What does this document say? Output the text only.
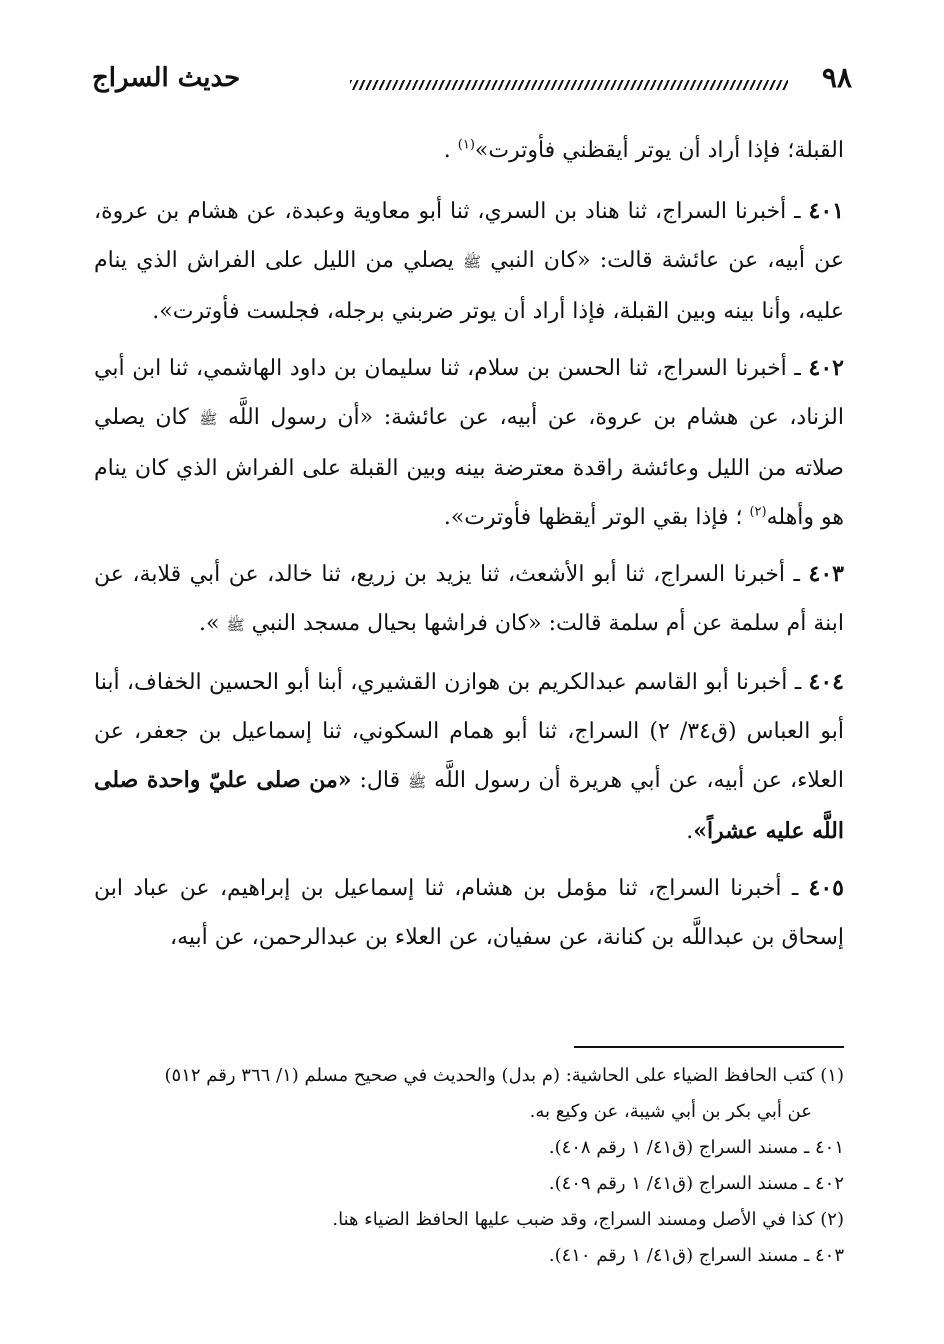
٩٨
حديث السراج

القبلة؛ فإذا أراد أن يوتر أيقظني فأوترت»$^{(١)}$ .

٤٠١ ـ أخبرنا السراج، ثنا هناد بن السري، ثنا أبو معاوية وعبدة، عن هشام بن عروة، عن أبيه، عن عائشة قالت: «كان النبي ﷺ يصلي من الليل على الفراش الذي ينام عليه، وأنا بينه وبين القبلة، فإذا أراد أن يوتر ضربني برجله، فجلست فأوترت».

٤٠٢ ـ أخبرنا السراج، ثنا الحسن بن سلام، ثنا سليمان بن داود الهاشمي، ثنا ابن أبي الزناد، عن هشام بن عروة، عن أبيه، عن عائشة: «أن رسول اللَّه ﷺ كان يصلي صلاته من الليل وعائشة راقدة معترضة بينه وبين القبلة على الفراش الذي كان ينام هو وأهله$^{(٢)}$ ؛ فإذا بقي الوتر أيقظها فأوترت».

٤٠٣ ـ أخبرنا السراج، ثنا أبو الأشعث، ثنا يزيد بن زريع، ثنا خالد، عن أبي قلابة، عن ابنة أم سلمة عن أم سلمة قالت: «كان فراشها بحيال مسجد النبي ﷺ ».

٤٠٤ ـ أخبرنا أبو القاسم عبدالكريم بن هوازن القشيري، أبنا أبو الحسين الخفاف، أبنا أبو العباس (ق٣٤/ ٢) السراج، ثنا أبو همام السكوني، ثنا إسماعيل بن جعفر، عن العلاء، عن أبيه، عن أبي هريرة أن رسول اللَّه ﷺ قال: «من صلى عليّ واحدة صلى اللَّه عليه عشراً».

٤٠٥ ـ أخبرنا السراج، ثنا مؤمل بن هشام، ثنا إسماعيل بن إبراهيم، عن عباد ابن إسحاق بن عبداللَّه بن كنانة، عن سفيان، عن العلاء بن عبدالرحمن، عن أبيه،

(١) كتب الحافظ الضياء على الحاشية: (م بدل) والحديث في صحيح مسلم (١/ ٣٦٦ رقم ٥١٢)

عن أبي بكر بن أبي شيبة، عن وكيع به.

٤٠١ ـ مسند السراج (ق٤١/ ١ رقم ٤٠٨).

٤٠٢ ـ مسند السراج (ق٤١/ ١ رقم ٤٠٩).

(٢) كذا في الأصل ومسند السراج، وقد ضبب عليها الحافظ الضياء هنا.

٤٠٣ ـ مسند السراج (ق٤١/ ١ رقم ٤١٠).
